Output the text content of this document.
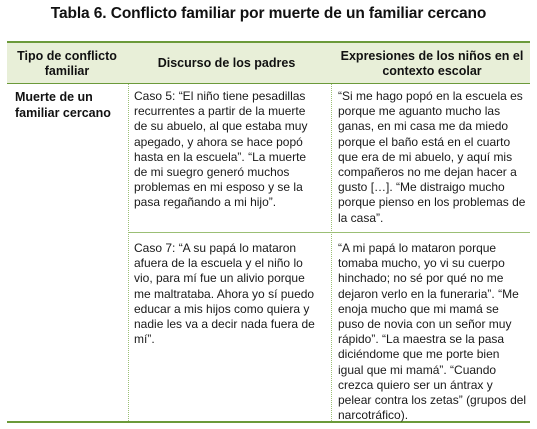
Tabla 6. Conflicto familiar por muerte de un familiar cercano
Tipo de conflicto familiar
Discurso de los padres	Expresiones de los niños en el contexto escolar
Muerte de un familiar cercano
Caso 5: “El niño tiene pesadillas recurrentes a partir de la muerte de su abuelo, al que estaba muy apegado, y ahora se hace popó hasta en la escuela”. “La muerte de mi suegro generó muchos problemas en mi esposo y se la pasa regañando a mi hijo”.
“Si me hago popó en la escuela es porque me aguanto mucho las ganas, en mi casa me da miedo porque el baño está en el cuarto que era de mi abuelo, y aquí mis compañeros no me dejan hacer a gusto […]. “Me distraigo mucho porque pienso en los problemas de la casa”.
Caso 7: “A su papá lo mataron afuera de la escuela y el niño lo vio, para mí fue un alivio porque me maltrataba. Ahora yo sí puedo educar a mis hijos como quiera y nadie les va a decir nada fuera de mí”.
“A mi papá lo mataron porque tomaba mucho, yo vi su cuerpo hinchado; no sé por qué no me dejaron verlo en la funeraria”. “Me enoja mucho que mi mamá se puso de novia con un señor muy rápido”. “La maestra se la pasa diciéndome que me porte bien igual que mi mamá”. “Cuando crezca quiero ser un ántrax y pelear contra los zetas” (grupos del narcotráfico).
